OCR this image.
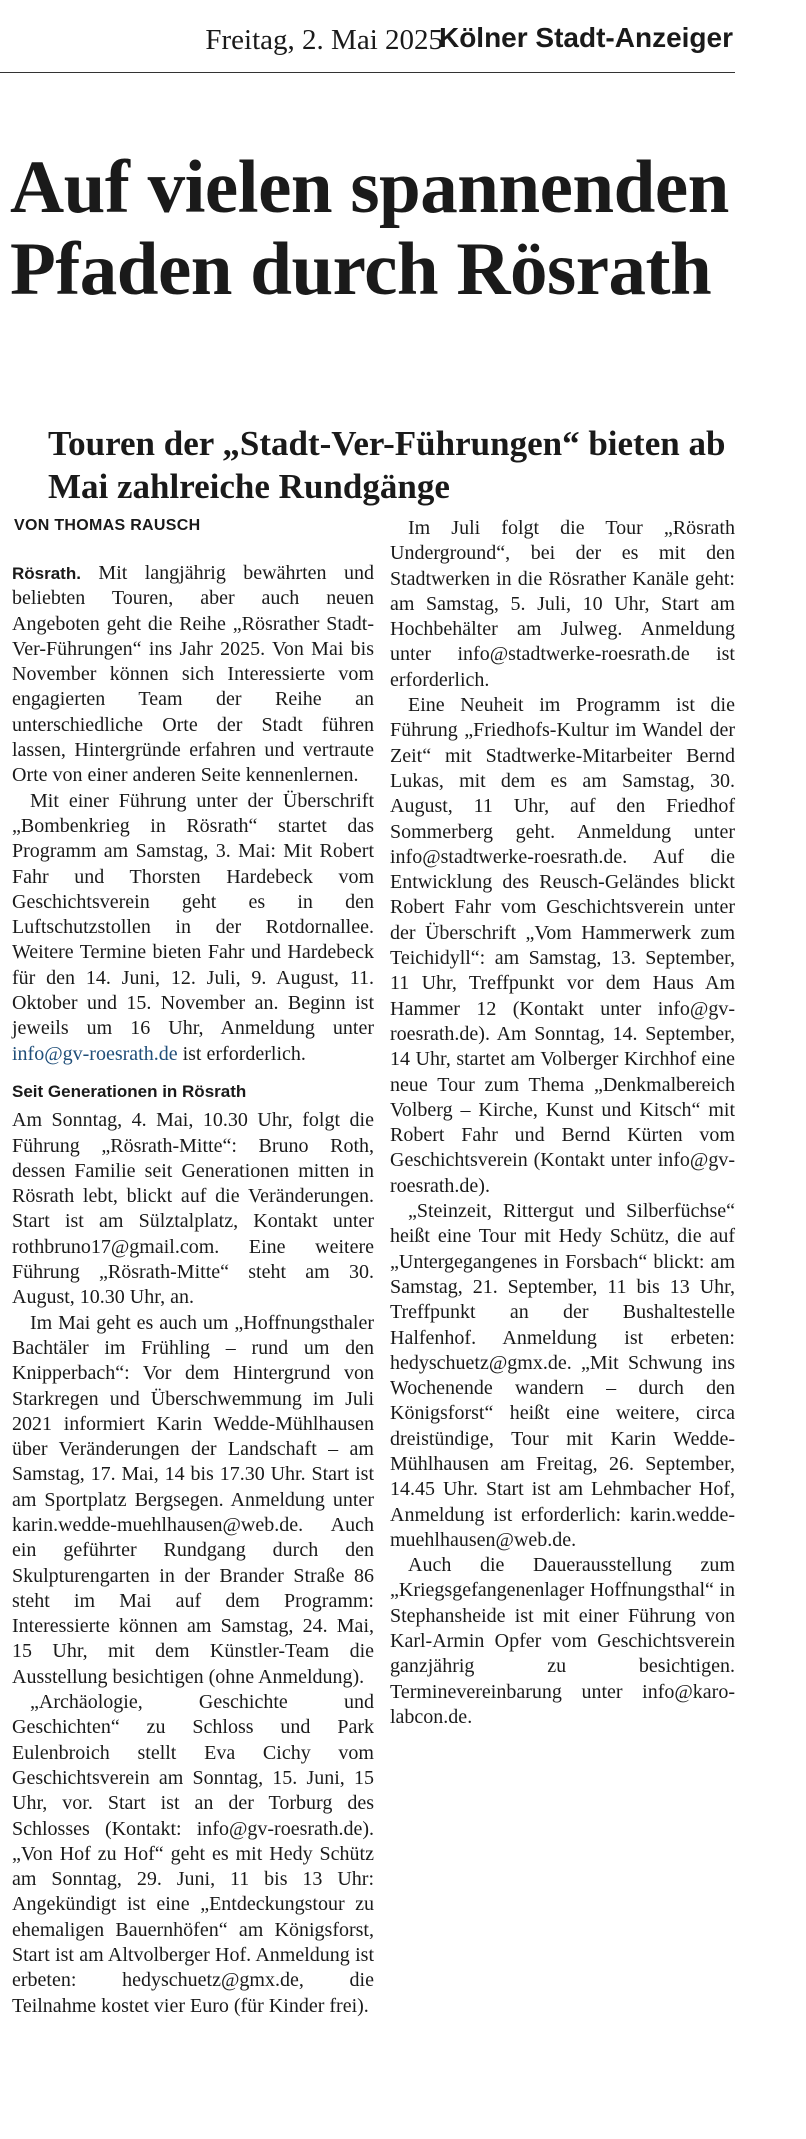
Freitag, 2. Mai 2025
Kölner Stadt-Anzeiger
Auf vielen spannenden Pfaden durch Rösrath
Touren der „Stadt-Ver-Führungen“ bieten ab Mai zahlreiche Rundgänge
VON THOMAS RAUSCH

Rösrath. Mit langjährig bewährten und beliebten Touren, aber auch neuen Angeboten geht die Reihe „Rösrather Stadt-Ver-Führungen“ ins Jahr 2025. Von Mai bis November können sich Interessierte vom engagierten Team der Reihe an unterschiedliche Orte der Stadt führen lassen, Hintergründe erfahren und vertraute Orte von einer anderen Seite kennenlernen.

Mit einer Führung unter der Überschrift „Bombenkrieg in Rösrath“ startet das Programm am Samstag, 3. Mai: Mit Robert Fahr und Thorsten Hardebeck vom Geschichtsverein geht es in den Luftschutzstollen in der Rotdornallee. Weitere Termine bieten Fahr und Hardebeck für den 14. Juni, 12. Juli, 9. August, 11. Oktober und 15. November an. Beginn ist jeweils um 16 Uhr, Anmeldung unter info@gv-roesrath.de ist erforderlich.

Seit Generationen in Rösrath

Am Sonntag, 4. Mai, 10.30 Uhr, folgt die Führung „Rösrath-Mitte“: Bruno Roth, dessen Familie seit Generationen mitten in Rösrath lebt, blickt auf die Veränderungen. Start ist am Sülztalplatz, Kontakt unter rothbruno17@gmail.com. Eine weitere Führung „Rösrath-Mitte“ steht am 30. August, 10.30 Uhr, an.

Im Mai geht es auch um „Hoffnungsthaler Bachtäler im Frühling – rund um den Knipperbach“: Vor dem Hintergrund von Starkregen und Überschwemmung im Juli 2021 informiert Karin Wedde-Mühlhausen über Veränderungen der Landschaft – am Samstag, 17. Mai, 14 bis 17.30 Uhr. Start ist am Sportplatz Bergsegen. Anmeldung unter karin.wedde-muehlhausen@web.de. Auch ein geführter Rundgang durch den Skulpturengarten in der Brander Straße 86 steht im Mai auf dem Programm: Interessierte können am Samstag, 24. Mai, 15 Uhr, mit dem Künstler-Team die Ausstellung besichtigen (ohne Anmeldung).

„Archäologie, Geschichte und Geschichten“ zu Schloss und Park Eulenbroich stellt Eva Cichy vom Geschichtsverein am Sonntag, 15. Juni, 15 Uhr, vor. Start ist an der Torburg des Schlosses (Kontakt: info@gv-roesrath.de). „Von Hof zu Hof“ geht es mit Hedy Schütz am Sonntag, 29. Juni, 11 bis 13 Uhr: Angekündigt ist eine „Entdeckungstour zu ehemaligen Bauernhöfen“ am Königsforst, Start ist am Altvolberger Hof. Anmeldung ist erbeten: hedyschuetz@gmx.de, die Teilnahme kostet vier Euro (für Kinder frei).

Im Juli folgt die Tour „Rösrath Underground“, bei der es mit den Stadtwerken in die Rösrather Kanäle geht: am Samstag, 5. Juli, 10 Uhr, Start am Hochbehälter am Julweg. Anmeldung unter info@stadtwerke-roesrath.de ist erforderlich.

Eine Neuheit im Programm ist die Führung „Friedhofs-Kultur im Wandel der Zeit“ mit Stadtwerke-Mitarbeiter Bernd Lukas, mit dem es am Samstag, 30. August, 11 Uhr, auf den Friedhof Sommerberg geht. Anmeldung unter info@stadtwerke-roesrath.de. Auf die Entwicklung des Reusch-Geländes blickt Robert Fahr vom Geschichtsverein unter der Überschrift „Vom Hammerwerk zum Teichidyll“: am Samstag, 13. September, 11 Uhr, Treffpunkt vor dem Haus Am Hammer 12 (Kontakt unter info@gv-roesrath.de). Am Sonntag, 14. September, 14 Uhr, startet am Volberger Kirchhof eine neue Tour zum Thema „Denkmalbereich Volberg – Kirche, Kunst und Kitsch“ mit Robert Fahr und Bernd Kürten vom Geschichtsverein (Kontakt unter info@gv-roesrath.de).

„Steinzeit, Rittergut und Silberfüchse“ heißt eine Tour mit Hedy Schütz, die auf „Untergegangenes in Forsbach“ blickt: am Samstag, 21. September, 11 bis 13 Uhr, Treffpunkt an der Bushaltestelle Halfenhof. Anmeldung ist erbeten: hedyschuetz@gmx.de. „Mit Schwung ins Wochenende wandern – durch den Königsforst“ heißt eine weitere, circa dreistündige, Tour mit Karin Wedde-Mühlhausen am Freitag, 26. September, 14.45 Uhr. Start ist am Lehmbacher Hof, Anmeldung ist erforderlich: karin.wedde-muehlhausen@web.de.

Auch die Dauerausstellung zum „Kriegsgefangenenlager Hoffnungsthal“ in Stephansheide ist mit einer Führung von Karl-Armin Opfer vom Geschichtsverein ganzjährig zu besichtigen. Terminevereinbarung unter info@karo-labcon.de.
